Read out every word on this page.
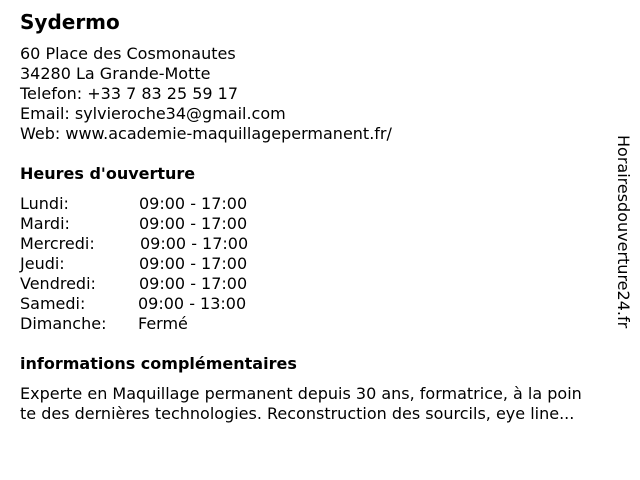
Sydermo
60 Place des Cosmonautes
34280 La Grande-Motte
Telefon: +33 7 83 25 59 17
Email: sylvieroche34@gmail.com
Web: www.academie-maquillagepermanent.fr/
Heures d'ouverture
Lundi:	09:00 - 17:00
Mardi:	09:00 - 17:00
Mercredi:	09:00 - 17:00
Jeudi:	09:00 - 17:00
Vendredi:	09:00 - 17:00
Samedi:	09:00 - 13:00
Dimanche: Fermé
informations complémentaires
Experte en Maquillage permanent depuis 30 ans, formatrice, à la poin
te des dernières technologies. Reconstruction des sourcils, eye line...
Horairesdouverture24.fr
